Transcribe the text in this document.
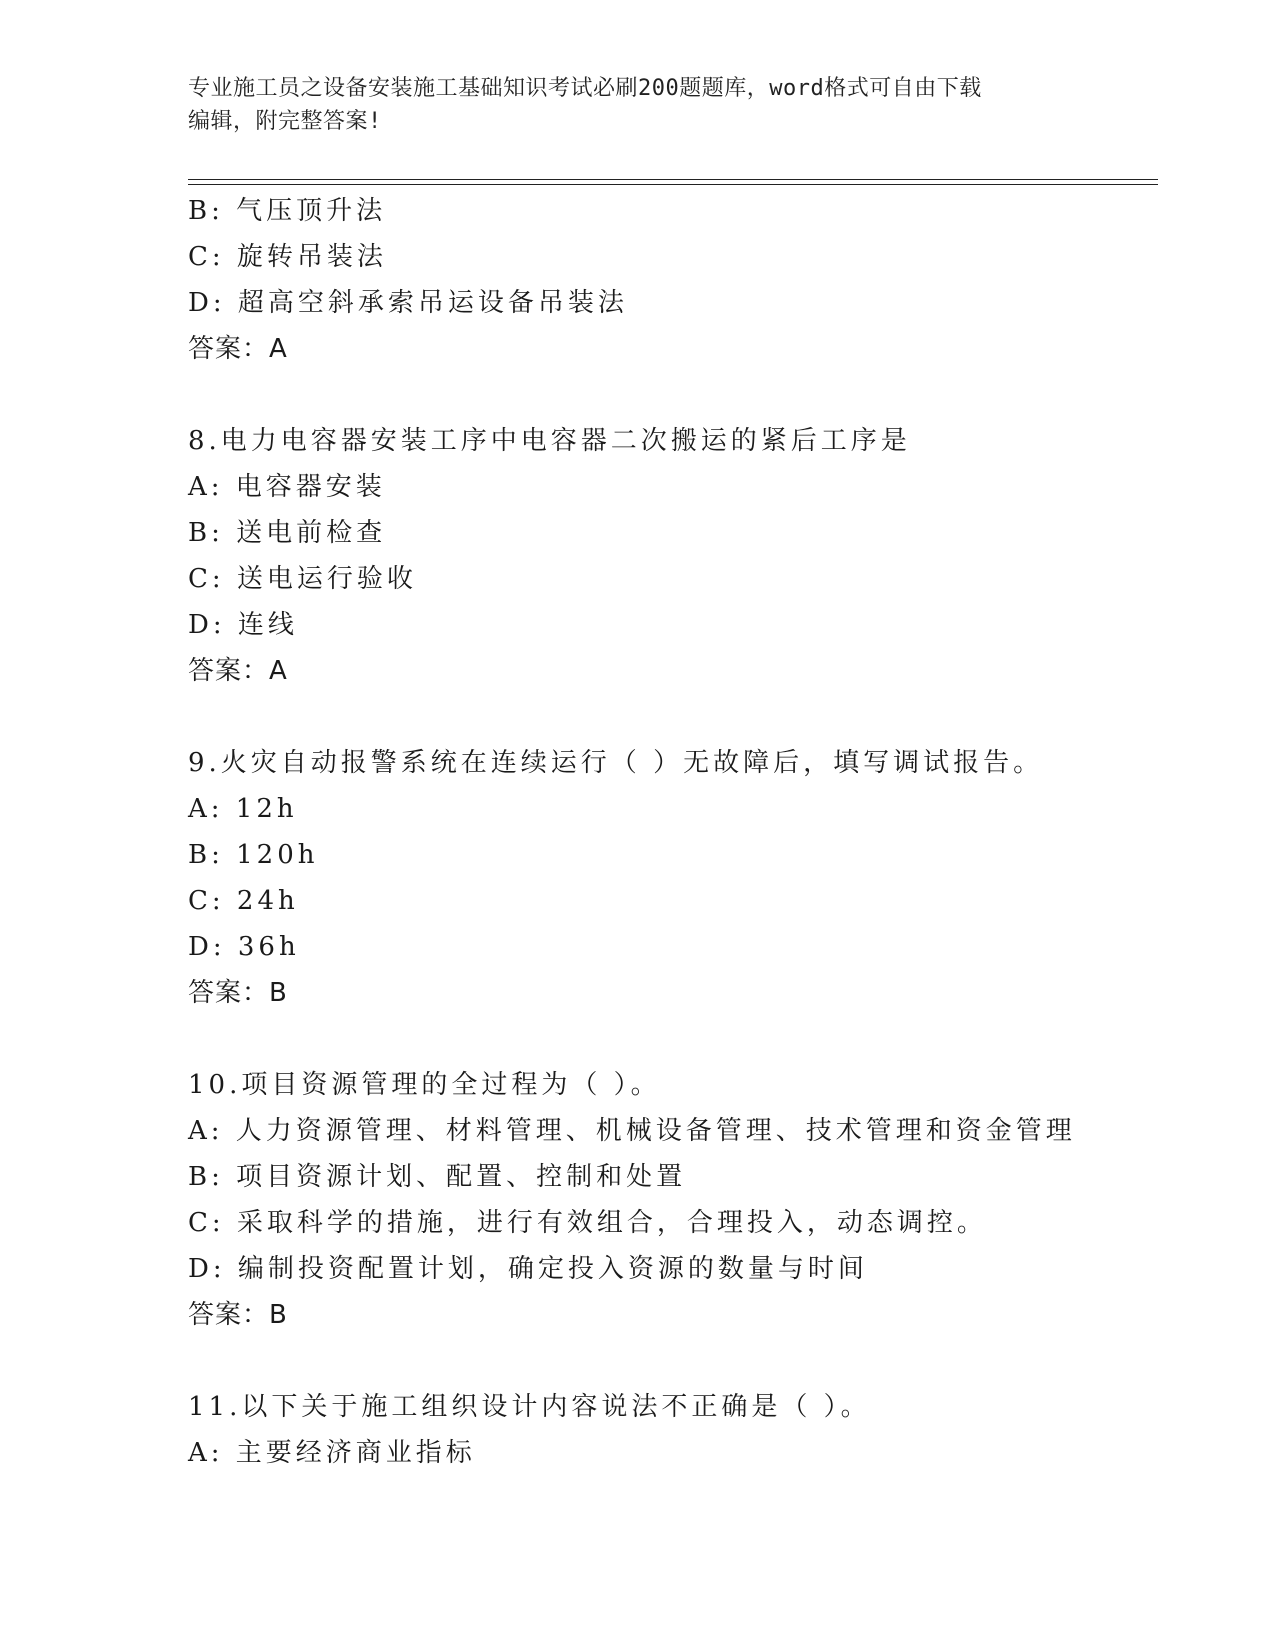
专业施工员之设备安装施工基础知识考试必刷200题题库，word格式可自由下载
编辑，附完整答案!
B: 气压顶升法
C: 旋转吊装法
D: 超高空斜承索吊运设备吊装法
答案：A
8.电力电容器安装工序中电容器二次搬运的紧后工序是
A: 电容器安装
B: 送电前检查
C: 送电运行验收
D: 连线
答案：A
9.火灾自动报警系统在连续运行（ ）无故障后，填写调试报告。
A: 12h
B: 120h
C: 24h
D: 36h
答案：B
10.项目资源管理的全过程为（ ）。
A: 人力资源管理、材料管理、机械设备管理、技术管理和资金管理
B: 项目资源计划、配置、控制和处置
C: 采取科学的措施，进行有效组合，合理投入，动态调控。
D: 编制投资配置计划，确定投入资源的数量与时间
答案：B
11.以下关于施工组织设计内容说法不正确是（ ）。
A: 主要经济商业指标
